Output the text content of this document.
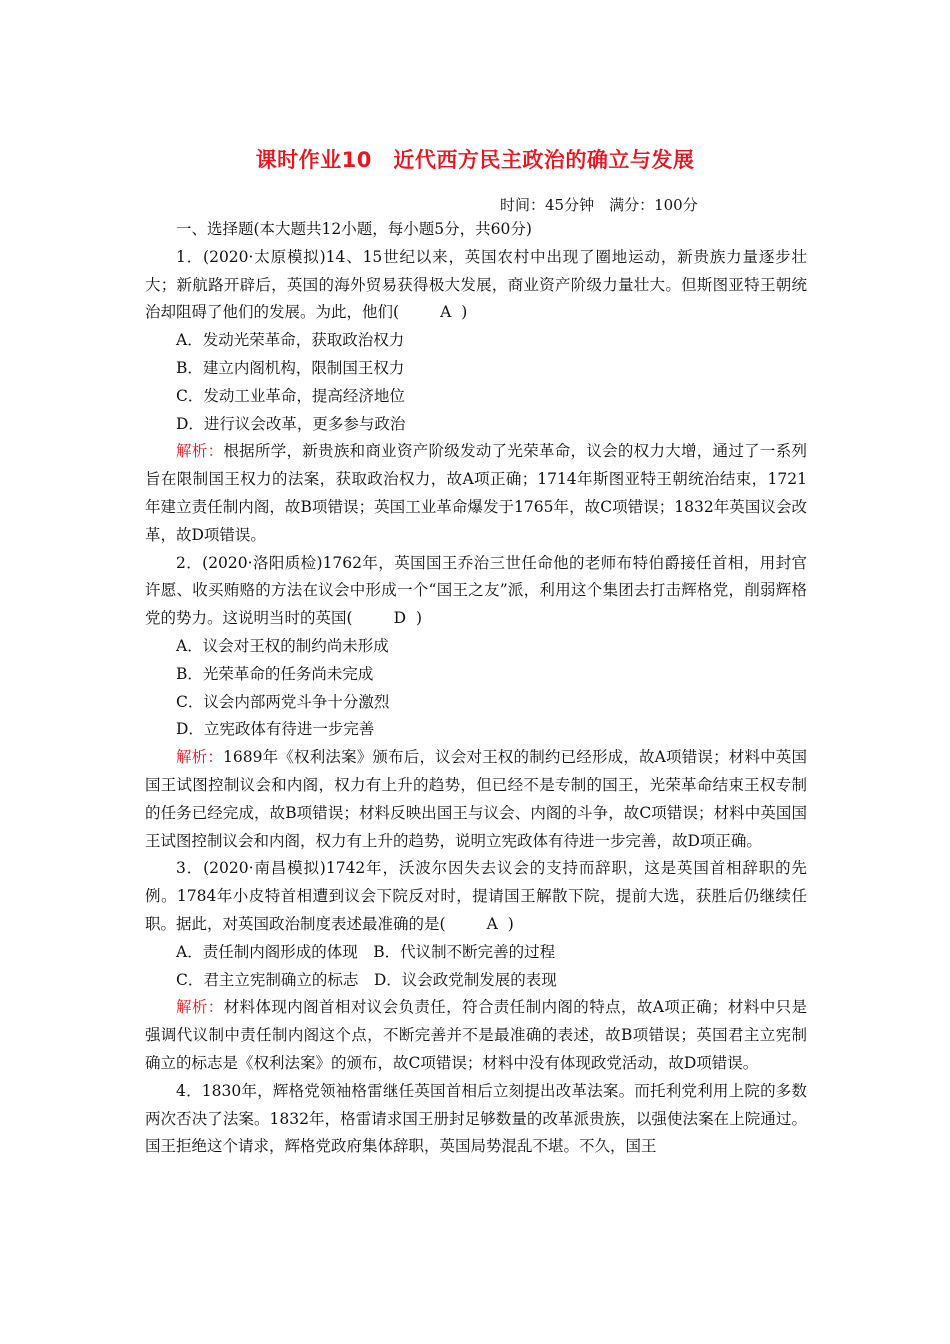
课时作业10　近代西方民主政治的确立与发展
时间：45分钟　满分：100分

一、选择题(本大题共12小题，每小题5分，共60分)

1．(2020·太原模拟)14、15世纪以来，英国农村中出现了圈地运动，新贵族力量逐步壮大；新航路开辟后，英国的海外贸易获得极大发展，商业资产阶级力量壮大。但斯图亚特王朝统治却阻碍了他们的发展。为此，他们(	A )

A．发动光荣革命，获取政治权力

B．建立内阁机构，限制国王权力

C．发动工业革命，提高经济地位

D．进行议会改革，更多参与政治

解析：根据所学，新贵族和商业资产阶级发动了光荣革命，议会的权力大增，通过了一系列旨在限制国王权力的法案，获取政治权力，故A项正确；1714年斯图亚特王朝统治结束，1721年建立责任制内阁，故B项错误；英国工业革命爆发于1765年，故C项错误；1832年英国议会改革，故D项错误。

2．(2020·洛阳质检)1762年，英国国王乔治三世任命他的老师布特伯爵接任首相，用封官许愿、收买贿赂的方法在议会中形成一个“国王之友”派，利用这个集团去打击辉格党，削弱辉格党的势力。这说明当时的英国(	D )

A．议会对王权的制约尚未形成

B．光荣革命的任务尚未完成

C．议会内部两党斗争十分激烈

D．立宪政体有待进一步完善

解析：1689年《权利法案》颁布后，议会对王权的制约已经形成，故A项错误；材料中英国国王试图控制议会和内阁，权力有上升的趋势，但已经不是专制的国王，光荣革命结束王权专制的任务已经完成，故B项错误；材料反映出国王与议会、内阁的斗争，故C项错误；材料中英国国王试图控制议会和内阁，权力有上升的趋势，说明立宪政体有待进一步完善，故D项正确。

3．(2020·南昌模拟)1742年，沃波尔因失去议会的支持而辞职，这是英国首相辞职的先例。1784年小皮特首相遭到议会下院反对时，提请国王解散下院，提前大选，获胜后仍继续任职。据此，对英国政治制度表述最准确的是(	A )

A．责任制内阁形成的体现　B．代议制不断完善的过程

C．君主立宪制确立的标志　D．议会政党制发展的表现

解析：材料体现内阁首相对议会负责任，符合责任制内阁的特点，故A项正确；材料中只是强调代议制中责任制内阁这个点，不断完善并不是最准确的表述，故B项错误；英国君主立宪制确立的标志是《权利法案》的颁布，故C项错误；材料中没有体现政党活动，故D项错误。

4．1830年，辉格党领袖格雷继任英国首相后立刻提出改革法案。而托利党利用上院的多数两次否决了法案。1832年，格雷请求国王册封足够数量的改革派贵族，以强使法案在上院通过。国王拒绝这个请求，辉格党政府集体辞职，英国局势混乱不堪。不久，国王
